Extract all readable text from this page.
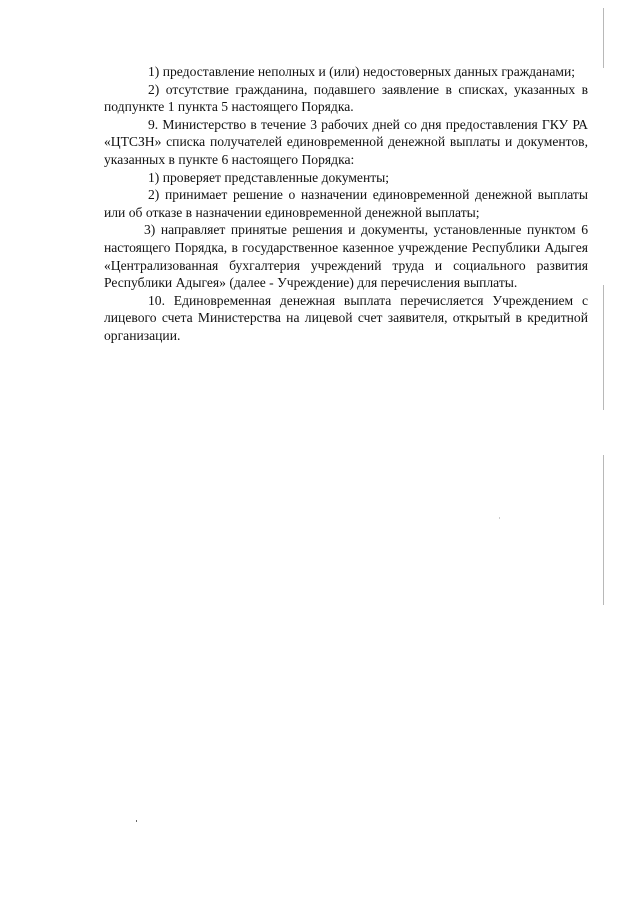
1) предоставление неполных и (или) недостоверных данных гражданами;

2) отсутствие гражданина, подавшего заявление в списках, указанных в подпункте 1 пункта 5 настоящего Порядка.

9. Министерство в течение 3 рабочих дней со дня предоставления ГКУ РА «ЦТСЗН» списка получателей единовременной денежной выплаты и документов, указанных в пункте 6 настоящего Порядка:

1) проверяет представленные документы;

2) принимает решение о назначении единовременной денежной выплаты или об отказе в назначении единовременной денежной выплаты;

3) направляет принятые решения и документы, установленные пунктом 6 настоящего Порядка, в государственное казенное учреждение Республики Адыгея «Централизованная бухгалтерия учреждений труда и социального развития Республики Адыгея» (далее - Учреждение) для перечисления выплаты.

10. Единовременная денежная выплата перечисляется Учреждением с лицевого счета Министерства на лицевой счет заявителя, открытый в кредитной организации.
